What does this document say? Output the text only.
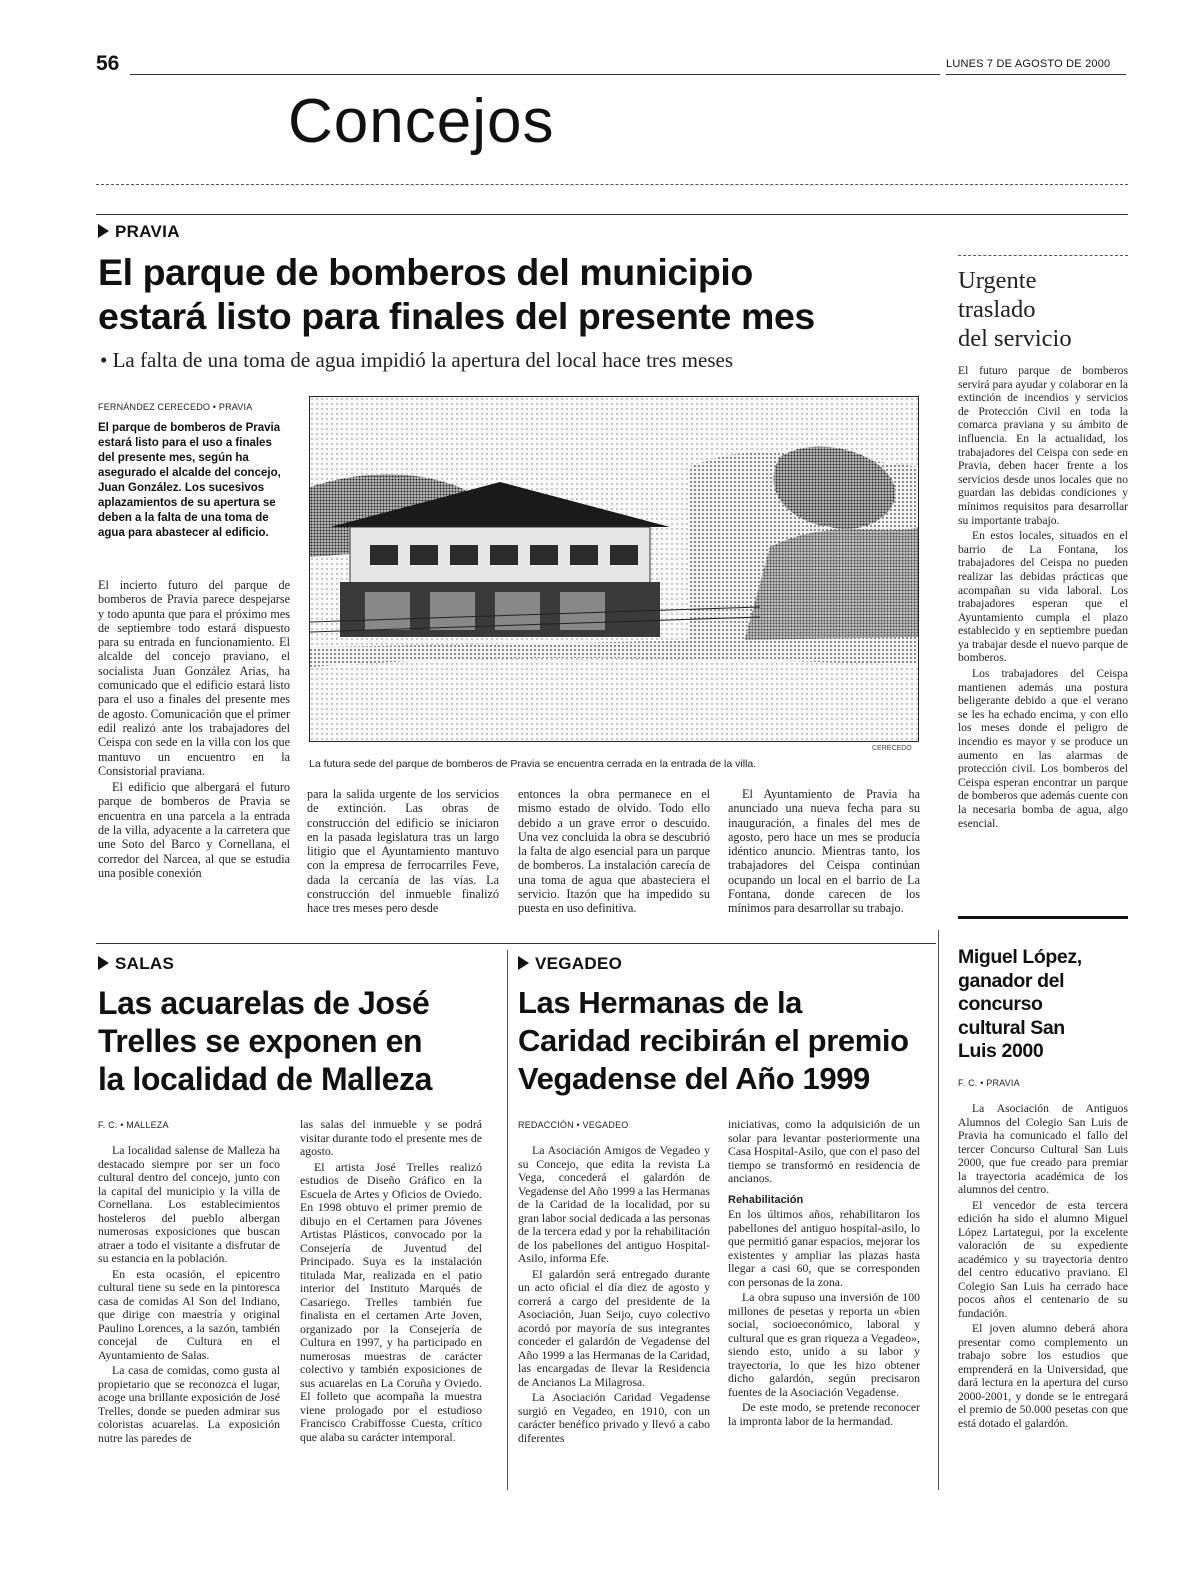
56	LUNES 7 DE AGOSTO DE 2000
Concejos
PRAVIA
El parque de bomberos del municipio
estará listo para finales del presente mes
• La falta de una toma de agua impidió la apertura del local hace tres meses
FERNÁNDEZ CERECEDO • PRAVIA
El parque de bomberos de Pravia estará listo para el uso a finales del presente mes, según ha asegurado el alcalde del concejo, Juan González. Los sucesivos aplazamientos de su apertura se deben a la falta de una toma de agua para abastecer al edificio.

El incierto futuro del parque de bomberos de Pravia parece despejarse y todo apunta que para el próximo mes de septiembre todo estará dispuesto para su entrada en funcionamiento. El alcalde del concejo praviano, el socialista Juan González Arias, ha comunicado que el edificio estará listo para el uso a finales del presente mes de agosto. Comunicación que el primer edil realizó ante los trabajadores del Ceispa con sede en la villa con los que mantuvo un encuentro en la Consistorial praviana.

El edificio que albergará el futuro parque de bomberos de Pravia se encuentra en una parcela a la entrada de la villa, adyacente a la carretera que une Soto del Barco y Cornellana, el corredor del Narcea, al que se estudia una posible conexión

CERECEDO
La futura sede del parque de bomberos de Pravia se encuentra cerrada en la entrada de la villa.

para la salida urgente de los servicios de extinción. Las obras de construcción del edificio se iniciaron en la pasada legislatura tras un largo litigio que el Ayuntamiento mantuvo con la empresa de ferrocarriles Feve, dada la cercanía de las vías. La construcción del inmueble finalizó hace tres meses pero desde

entonces la obra permanece en el mismo estado de olvido. Todo ello debido a un grave error o descuido. Una vez concluida la obra se descubrió la falta de algo esencial para un parque de bomberos. La instalación carecía de una toma de agua que abasteciera el servicio. Itazón que ha impedido su puesta en uso definitiva.

El Ayuntamiento de Pravia ha anunciado una nueva fecha para su inauguración, a finales del mes de agosto, pero hace un mes se producía idéntico anuncio. Mientras tanto, los trabajadores del Ceispa continúan ocupando un local en el barrio de La Fontana, donde carecen de los mínimos para desarrollar su trabajo.

Urgente
traslado
del servicio

El futuro parque de bomberos servirá para ayudar y colaborar en la extinción de incendios y servicios de Protección Civil en toda la comarca praviana y su ámbito de influencia. En la actualidad, los trabajadores del Ceispa con sede en Pravia, deben hacer frente a los servicios desde unos locales que no guardan las debidas condiciones y mínimos requisitos para desarrollar su importante trabajo.

En estos locales, situados en el barrio de La Fontana, los trabajadores del Ceispa no pueden realizar las debidas prácticas que acompañan su vida laboral. Los trabajadores esperan que el Ayuntamiento cumpla el plazo establecido y en septiembre puedan ya trabajar desde el nuevo parque de bomberos.

Los trabajadores del Ceispa mantienen además una postura beligerante debido a que el verano se les ha echado encima, y con ello los meses donde el peligro de incendio es mayor y se produce un aumento en las alarmas de protección civil. Los bomberos del Ceispa esperan encontrar un parque de bomberos que además cuente con la necesaria bomba de agua, algo esencial.

SALAS
Las acuarelas de José
Trelles se exponen en
la localidad de Malleza
F. C. • MALLEZA

La localidad salense de Malleza ha destacado siempre por ser un foco cultural dentro del concejo, junto con la capital del municipio y la villa de Cornellana. Los establecimientos hosteleros del pueblo albergan numerosas exposiciones que buscan atraer a todo el visitante a disfrutar de su estancia en la población.

En esta ocasión, el epicentro cultural tiene su sede en la pintoresca casa de comidas Al Son del Indiano, que dirige con maestría y original Paulino Lorences, a la sazón, también concejal de Cultura en el Ayuntamiento de Salas.

La casa de comidas, como gusta al propietario que se reconozca el lugar, acoge una brillante exposición de José Trelles, donde se pueden admirar sus coloristas acuarelas. La exposición nutre las paredes de

las salas del inmueble y se podrá visitar durante todo el presente mes de agosto.

El artista José Trelles realizó estudios de Diseño Gráfico en la Escuela de Artes y Oficios de Oviedo. En 1998 obtuvo el primer premio de dibujo en el Certamen para Jóvenes Artistas Plásticos, convocado por la Consejería de Juventud del Principado. Suya es la instalación titulada Mar, realizada en el patio interior del Instituto Marqués de Casariego. Trelles también fue finalista en el certamen Arte Joven, organizado por la Consejería de Cultura en 1997, y ha participado en numerosas muestras de carácter colectivo y también exposiciones de sus acuarelas en La Coruña y Oviedo. El folleto que acompaña la muestra viene prologado por el estudioso Francisco Crabiffosse Cuesta, crítico que alaba su carácter intemporal.

VEGADEO
Las Hermanas de la
Caridad recibirán el premio
Vegadense del Año 1999
REDACCIÓN • VEGADEO

La Asociación Amigos de Vegadeo y su Concejo, que edita la revista La Vega, concederá el galardón de Vegadense del Año 1999 a las Hermanas de la Caridad de la localidad, por su gran labor social dedicada a las personas de la tercera edad y por la rehabilitación de los pabellones del antiguo Hospital-Asilo, informa Efe.

El galardón será entregado durante un acto oficial el día diez de agosto y correrá a cargo del presidente de la Asociación, Juan Seijo, cuyo colectivo acordó por mayoría de sus integrantes conceder el galardón de Vegadense del Año 1999 a las Hermanas de la Caridad, las encargadas de llevar la Residencia de Ancianos La Milagrosa.

La Asociación Caridad Vegadense surgió en Vegadeo, en 1910, con un carácter benéfico privado y llevó a cabo diferentes

iniciativas, como la adquisición de un solar para levantar posteriormente una Casa Hospital-Asilo, que con el paso del tiempo se transformó en residencia de ancianos.

Rehabilitación

En los últimos años, rehabilitaron los pabellones del antiguo hospital-asilo, lo que permitió ganar espacios, mejorar los existentes y ampliar las plazas hasta llegar a casi 60, que se corresponden con personas de la zona.

La obra supuso una inversión de 100 millones de pesetas y reporta un «bien social, socioeconómico, laboral y cultural que es gran riqueza a Vegadeo», siendo esto, unido a su labor y trayectoria, lo que les hizo obtener dicho galardón, según precisaron fuentes de la Asociación Vegadense.

De este modo, se pretende reconocer la impronta labor de la hermandad.

Miguel López,
ganador del
concurso
cultural San
Luis 2000
F. C. • PRAVIA

La Asociación de Antiguos Alumnos del Colegio San Luis de Pravia ha comunicado el fallo del tercer Concurso Cultural San Luis 2000, que fue creado para premiar la trayectoria académica de los alumnos del centro.

El vencedor de esta tercera edición ha sido el alumno Miguel López Lartategui, por la excelente valoración de su expediente académico y su trayectoria dentro del centro educativo praviano. El Colegio San Luis ha cerrado hace pocos años el centenario de su fundación.

El joven alumno deberá ahora presentar como complemento un trabajo sobre los estudios que emprenderá en la Universidad, que dará lectura en la apertura del curso 2000-2001, y donde se le entregará el premio de 50.000 pesetas con que está dotado el galardón.
